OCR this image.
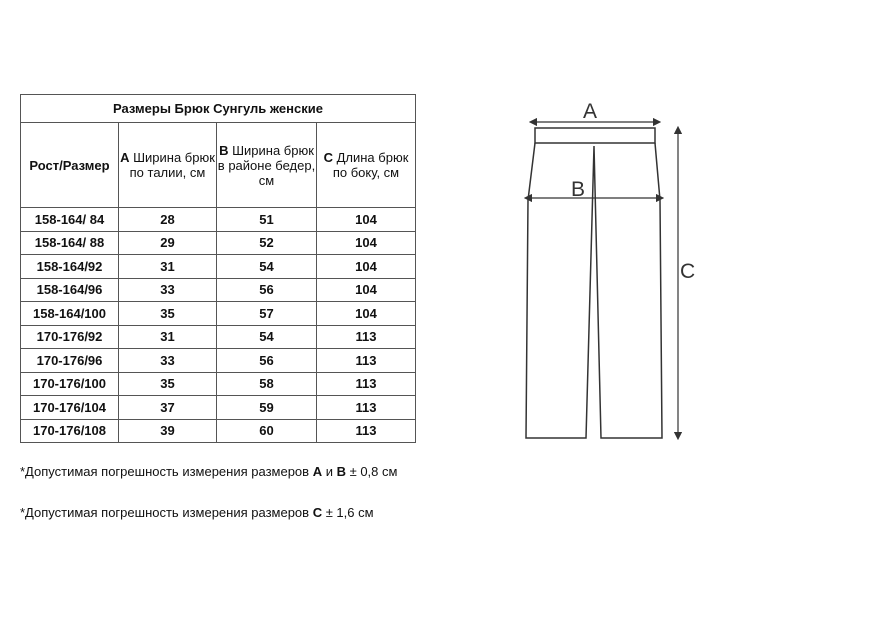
Размеры Брюк Сунгуль женские			
Рост/Размер	A Ширина брюк по талии, см	B Ширина брюк в районе бедер, см	C Длина брюк по боку, см
158-164/ 84	28	51	104
158-164/ 88	29	52	104
158-164/92	31	54	104
158-164/96	33	56	104
158-164/100	35	57	104
170-176/92	31	54	113
170-176/96	33	56	113
170-176/100	35	58	113
170-176/104	37	59	113
170-176/108	39	60	113
*Допустимая погрешность измерения размеров A и B ± 0,8 см
*Допустимая погрешность измерения размеров C ± 1,6 см
A
B
C
